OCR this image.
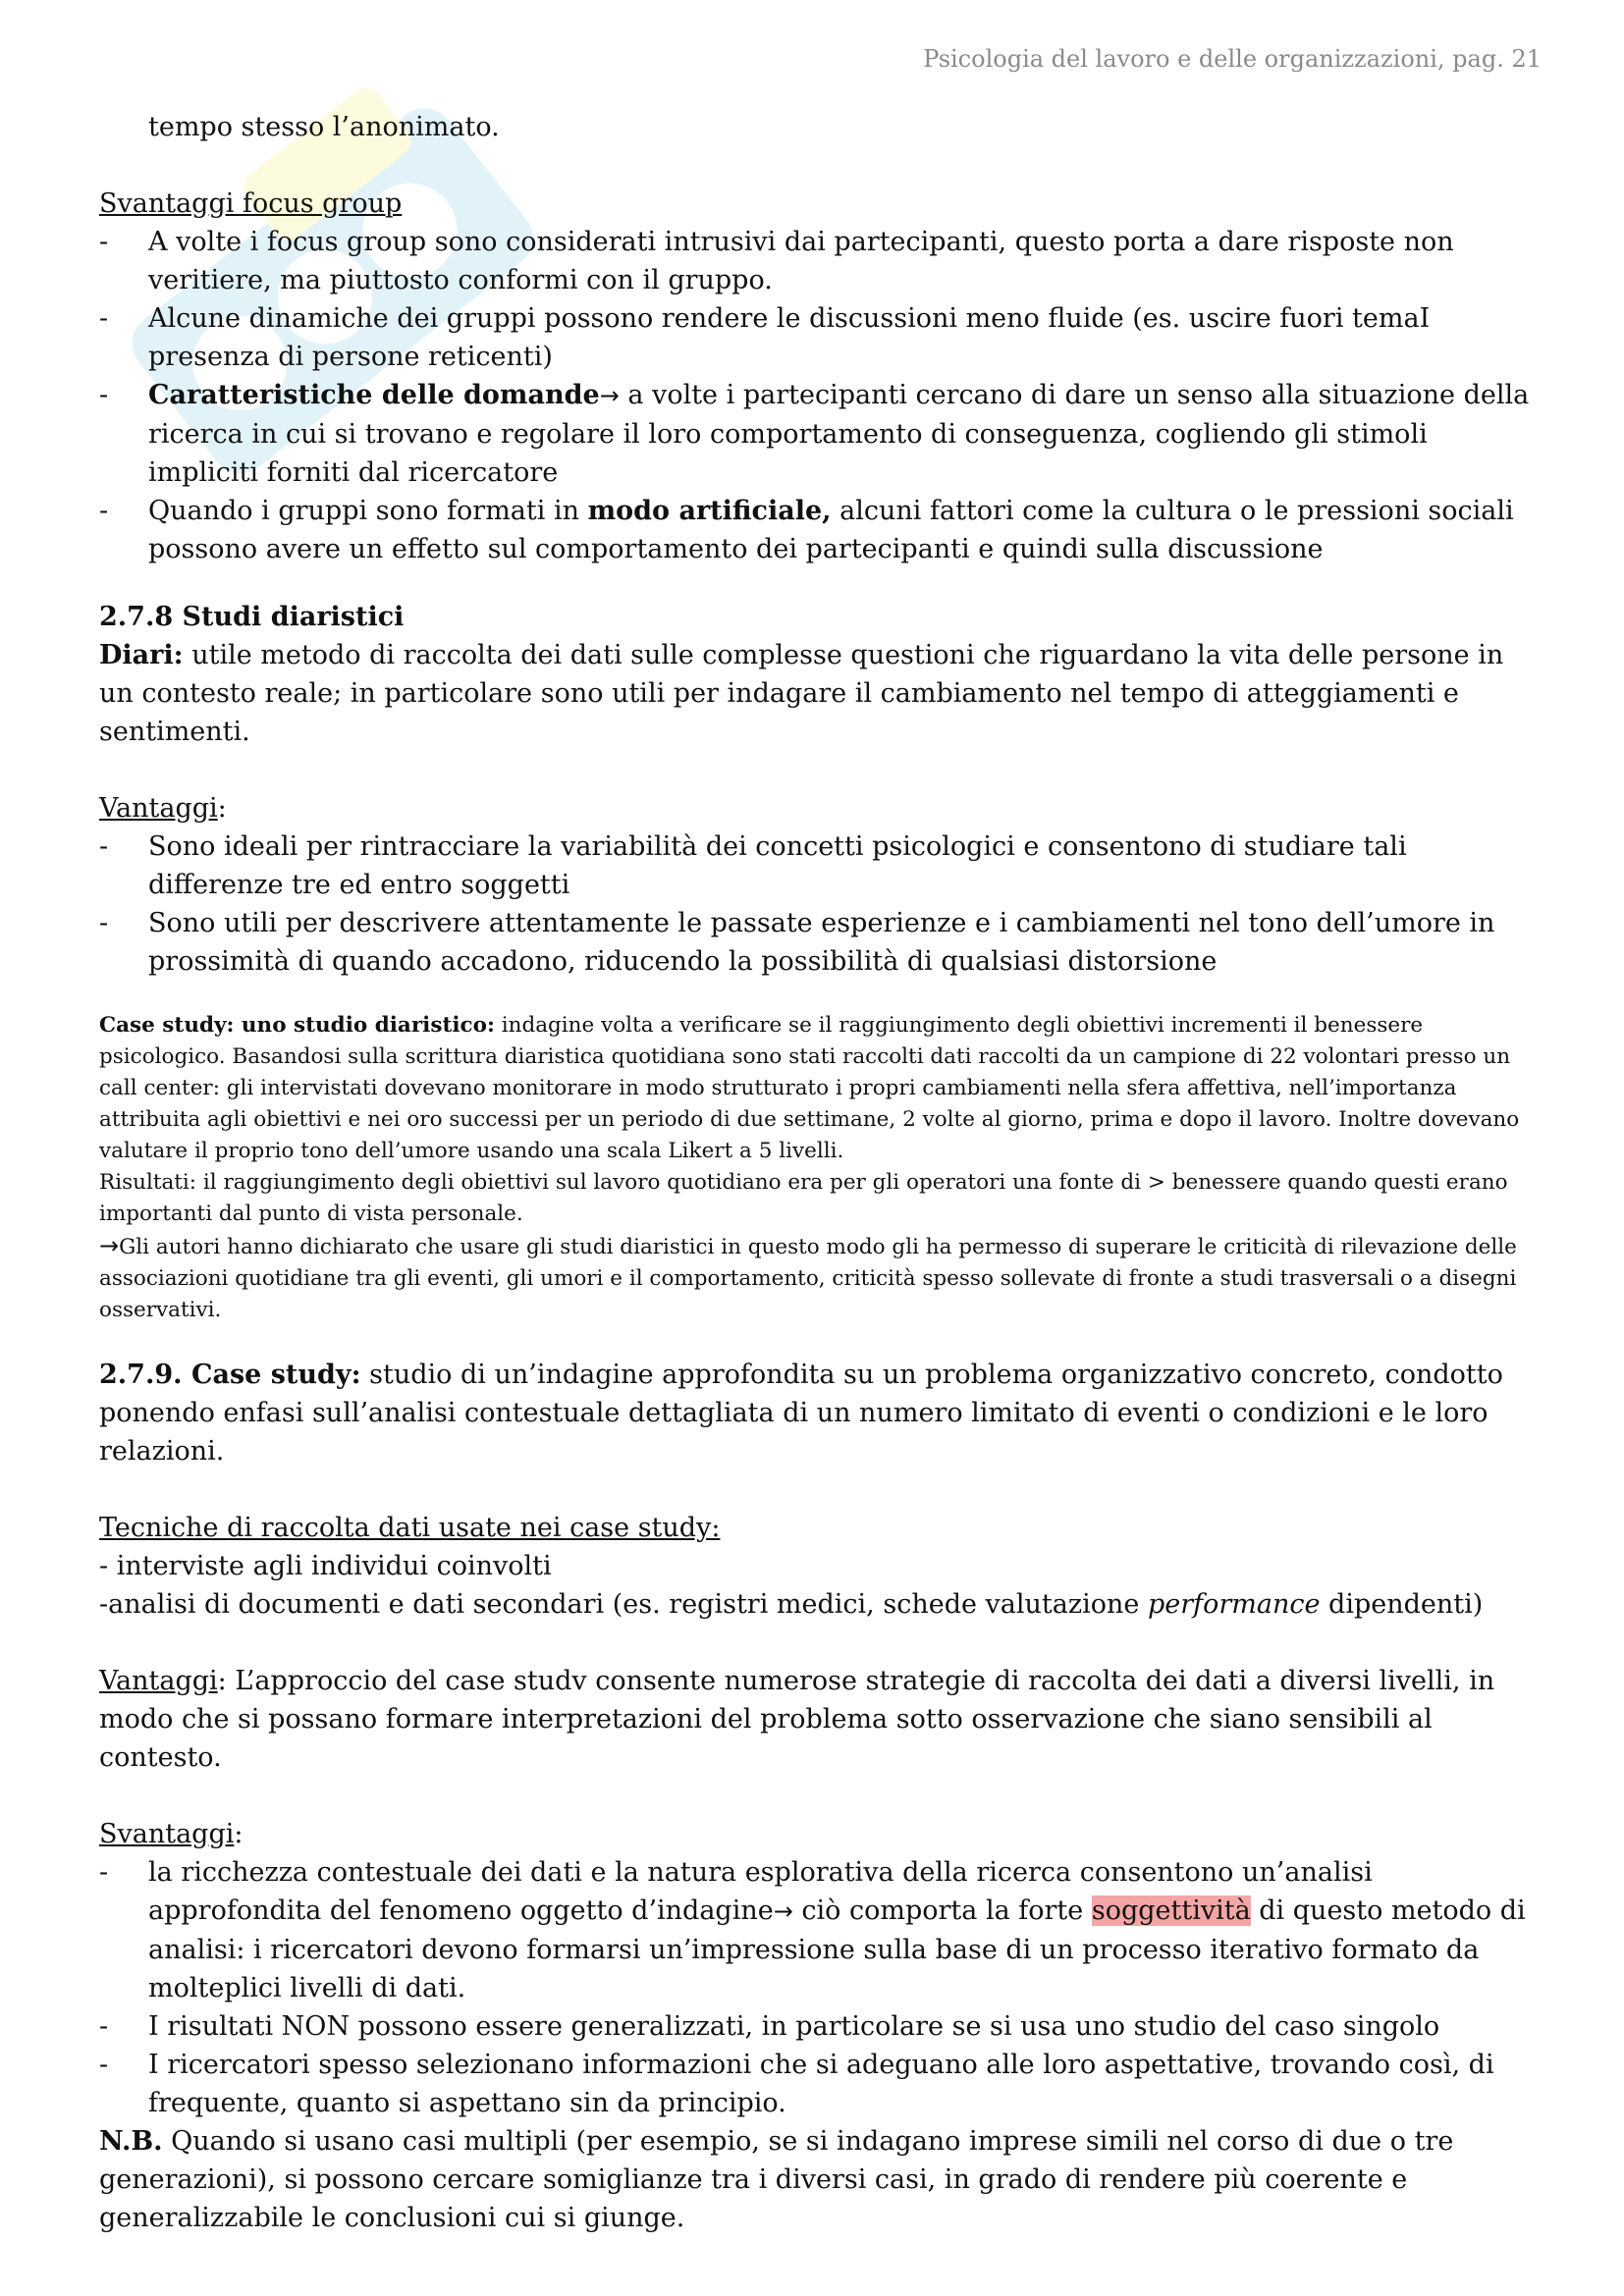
Psicologia del lavoro e delle organizzazioni, pag. 21

tempo stesso l’anonimato.

Svantaggi focus group

- A volte i focus group sono considerati intrusivi dai partecipanti, questo porta a dare risposte non veritiere, ma piuttosto conformi con il gruppo.
- Alcune dinamiche dei gruppi possono rendere le discussioni meno fluide (es. uscire fuori temaI presenza di persone reticenti)
- Caratteristiche delle domande→ a volte i partecipanti cercano di dare un senso alla situazione della ricerca in cui si trovano e regolare il loro comportamento di conseguenza, cogliendo gli stimoli impliciti forniti dal ricercatore
- Quando i gruppi sono formati in modo artificiale, alcuni fattori come la cultura o le pressioni sociali possono avere un effetto sul comportamento dei partecipanti e quindi sulla discussione

2.7.8 Studi diaristici

Diari: utile metodo di raccolta dei dati sulle complesse questioni che riguardano la vita delle persone in un contesto reale; in particolare sono utili per indagare il cambiamento nel tempo di atteggiamenti e sentimenti.

Vantaggi:

- Sono ideali per rintracciare la variabilità dei concetti psicologici e consentono di studiare tali differenze tre ed entro soggetti
- Sono utili per descrivere attentamente le passate esperienze e i cambiamenti nel tono dell’umore in prossimità di quando accadono, riducendo la possibilità di qualsiasi distorsione

Case study: uno studio diaristico: indagine volta a verificare se il raggiungimento degli obiettivi incrementi il benessere psicologico. Basandosi sulla scrittura diaristica quotidiana sono stati raccolti dati raccolti da un campione di 22 volontari presso un call center: gli intervistati dovevano monitorare in modo strutturato i propri cambiamenti nella sfera affettiva, nell’importanza attribuita agli obiettivi e nei oro successi per un periodo di due settimane, 2 volte al giorno, prima e dopo il lavoro. Inoltre dovevano valutare il proprio tono dell’umore usando una scala Likert a 5 livelli.

Risultati: il raggiungimento degli obiettivi sul lavoro quotidiano era per gli operatori una fonte di > benessere quando questi erano importanti dal punto di vista personale.

→Gli autori hanno dichiarato che usare gli studi diaristici in questo modo gli ha permesso di superare le criticità di rilevazione delle associazioni quotidiane tra gli eventi, gli umori e il comportamento, criticità spesso sollevate di fronte a studi trasversali o a disegni osservativi.

2.7.9. Case study: studio di un’indagine approfondita su un problema organizzativo concreto, condotto ponendo enfasi sull’analisi contestuale dettagliata di un numero limitato di eventi o condizioni e le loro relazioni.

Tecniche di raccolta dati usate nei case study:

- interviste agli individui coinvolti

-analisi di documenti e dati secondari (es. registri medici, schede valutazione performance dipendenti)

Vantaggi: L’approccio del case studv consente numerose strategie di raccolta dei dati a diversi livelli, in modo che si possano formare interpretazioni del problema sotto osservazione che siano sensibili al contesto.

Svantaggi:

- la ricchezza contestuale dei dati e la natura esplorativa della ricerca consentono un’analisi approfondita del fenomeno oggetto d’indagine→ ciò comporta la forte soggettività di questo metodo di analisi: i ricercatori devono formarsi un’impressione sulla base di un processo iterativo formato da molteplici livelli di dati.
- I risultati NON possono essere generalizzati, in particolare se si usa uno studio del caso singolo
- I ricercatori spesso selezionano informazioni che si adeguano alle loro aspettative, trovando così, di frequente, quanto si aspettano sin da principio.

N.B. Quando si usano casi multipli (per esempio, se si indagano imprese simili nel corso di due o tre generazioni), si possono cercare somiglianze tra i diversi casi, in grado di rendere più coerente e generalizzabile le conclusioni cui si giunge.
